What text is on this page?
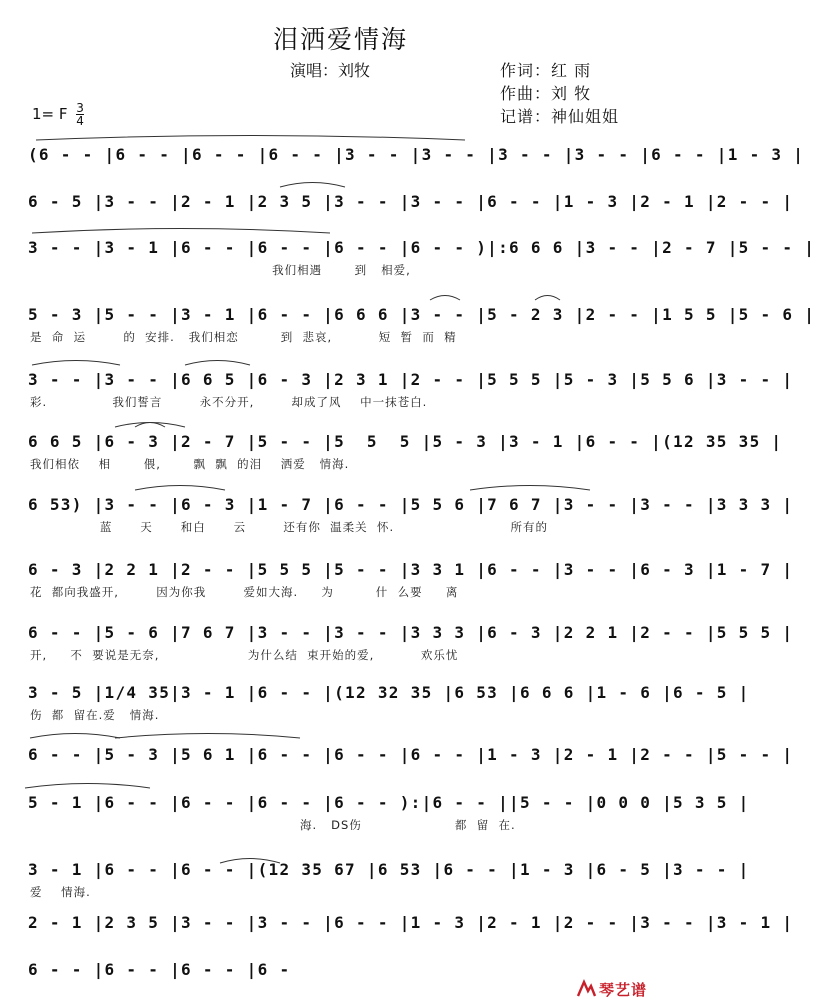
泪洒爱情海
演唱：刘牧	作词：红 雨
作曲：刘 牧
记谱：神仙姐姐
1= F $\frac{3}{4}$
(6 - - |6 - - |6 - - |6 - - |3 - - |3 - - |3 - - |3 - - |6 - - |1 - 3 |
6 - 5 |3 - - |2 - 1 |2 3 5 |3 - - |3 - - |6 - - |1 - 3 |2 - 1 |2 - - |
3 - - |3 - 1 |6 - - |6 - - |6 - - |6 - - )|:6 6 6 |3 - - |2 - 7 |5 - - |
我们相遇       到   相爱,
5 - 3 |5 - - |3 - 1 |6 - - |6 6 6 |3 - - |5 - 2 3 |2 - - |1 5 5 |5 - 6 |
是  命  运        的  安排.   我们相恋         到  悲哀,          短  暂  而  精
3 - - |3 - - |6 6 5 |6 - 3 |2 3 1 |2 - - |5 5 5 |5 - 3 |5 5 6 |3 - - |
彩.              我们誓言        永不分开,        却成了风    中一抹苍白.
6 6 5 |6 - 3 |2 - 7 |5 - - |5  5  5 |5 - 3 |3 - 1 |6 - - |(12 35 35 |
我们相依    相       偎,       飘  飘  的泪    洒爱   情海.
6 53) |3 - - |6 - 3 |1 - 7 |6 - - |5 5 6 |7 6 7 |3 - - |3 - - |3 3 3 |
蓝      天      和白      云        还有你  温柔关  怀.                         所有的
6 - 3 |2 2 1 |2 - - |5 5 5 |5 - - |3 3 1 |6 - - |3 - - |6 - 3 |1 - 7 |
花  都向我盛开,        因为你我        爱如大海.     为         什  么要     离
6 - - |5 - 6 |7 6 7 |3 - - |3 - - |3 3 3 |6 - 3 |2 2 1 |2 - - |5 5 5 |
开,     不  要说是无奈,                   为什么结  束开始的爱,          欢乐忧
3 - 5 |1/4 35|3 - 1 |6 - - |(12 32 35 |6 53 |6 6 6 |1 - 6 |6 - 5 |
伤  都  留在.爱   情海.
6 - - |5 - 3 |5 6 1 |6 - - |6 - - |6 - - |1 - 3 |2 - 1 |2 - - |5 - - |
5 - 1 |6 - - |6 - - |6 - - |6 - - ):|6 - - ||5 - - |0 0 0 |5 3 5 |
海.   DS伤                    都  留  在.
3 - 1 |6 - - |6 - - |(12 35 67 |6 53 |6 - - |1 - 3 |6 - 5 |3 - - |
爱    情海.
2 - 1 |2 3 5 |3 - - |3 - - |6 - - |1 - 3 |2 - 1 |2 - - |3 - - |3 - 1 |
6 - - |6 - - |6 - - |6 -
琴艺谱
